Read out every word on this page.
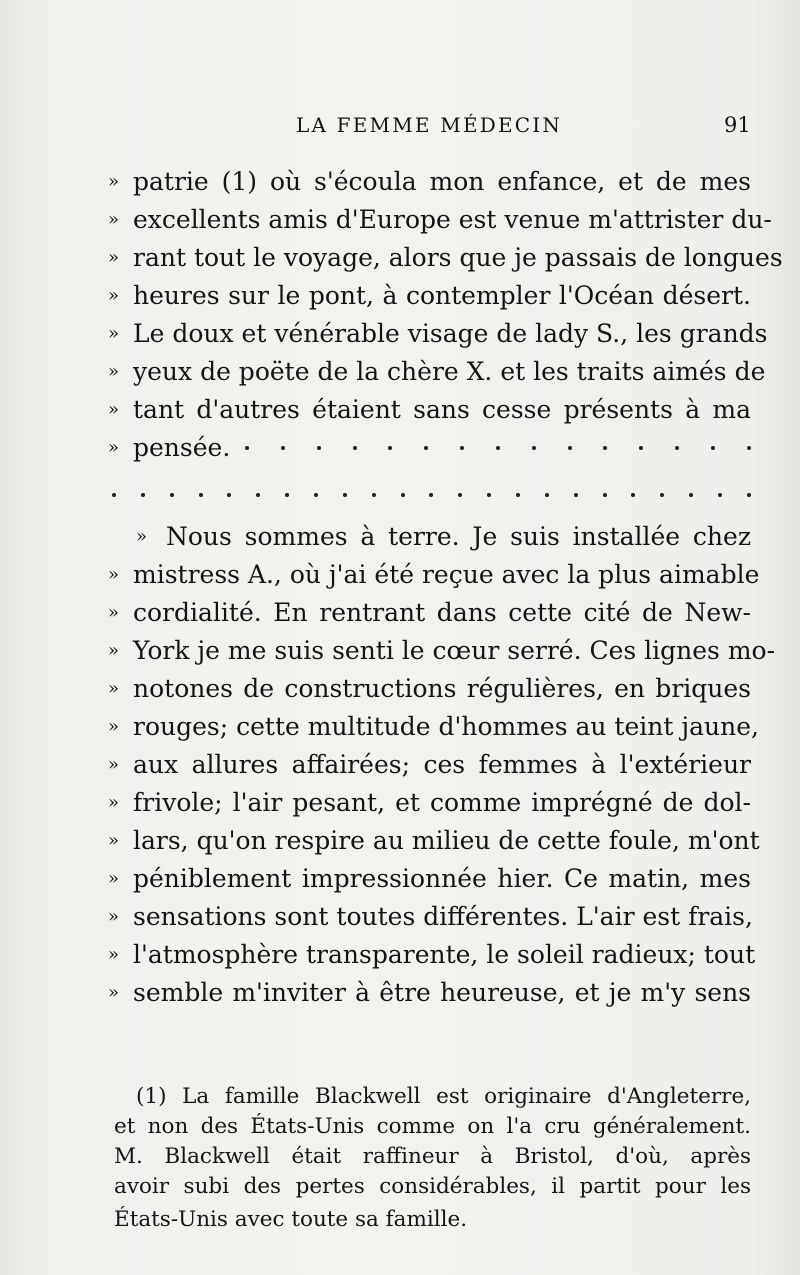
LA FEMME MÉDECIN	91
» patrie (1) où s'écoula mon enfance, et de mes
» excellents amis d'Europe est venue m'attrister du-
» rant tout le voyage, alors que je passais de longues
» heures sur le pont, à contempler l'Océan désert.
» Le doux et vénérable visage de lady S., les grands
» yeux de poëte de la chère X. et les traits aimés de
» tant d'autres étaient sans cesse présents à ma
» pensée.
» Nous sommes à terre. Je suis installée chez
» mistress A., où j'ai été reçue avec la plus aimable
» cordialité. En rentrant dans cette cité de New-
» York je me suis senti le cœur serré. Ces lignes mo-
» notones de constructions régulières, en briques
» rouges; cette multitude d'hommes au teint jaune,
» aux allures affairées; ces femmes à l'extérieur
» frivole; l'air pesant, et comme imprégné de dol-
» lars, qu'on respire au milieu de cette foule, m'ont
» péniblement impressionnée hier. Ce matin, mes
» sensations sont toutes différentes. L'air est frais,
» l'atmosphère transparente, le soleil radieux; tout
» semble m'inviter à être heureuse, et je m'y sens
(1) La famille Blackwell est originaire d'Angleterre,
et non des États-Unis comme on l'a cru généralement.
M. Blackwell était raffineur à Bristol, d'où, après
avoir subi des pertes considérables, il partit pour les
États-Unis avec toute sa famille.
